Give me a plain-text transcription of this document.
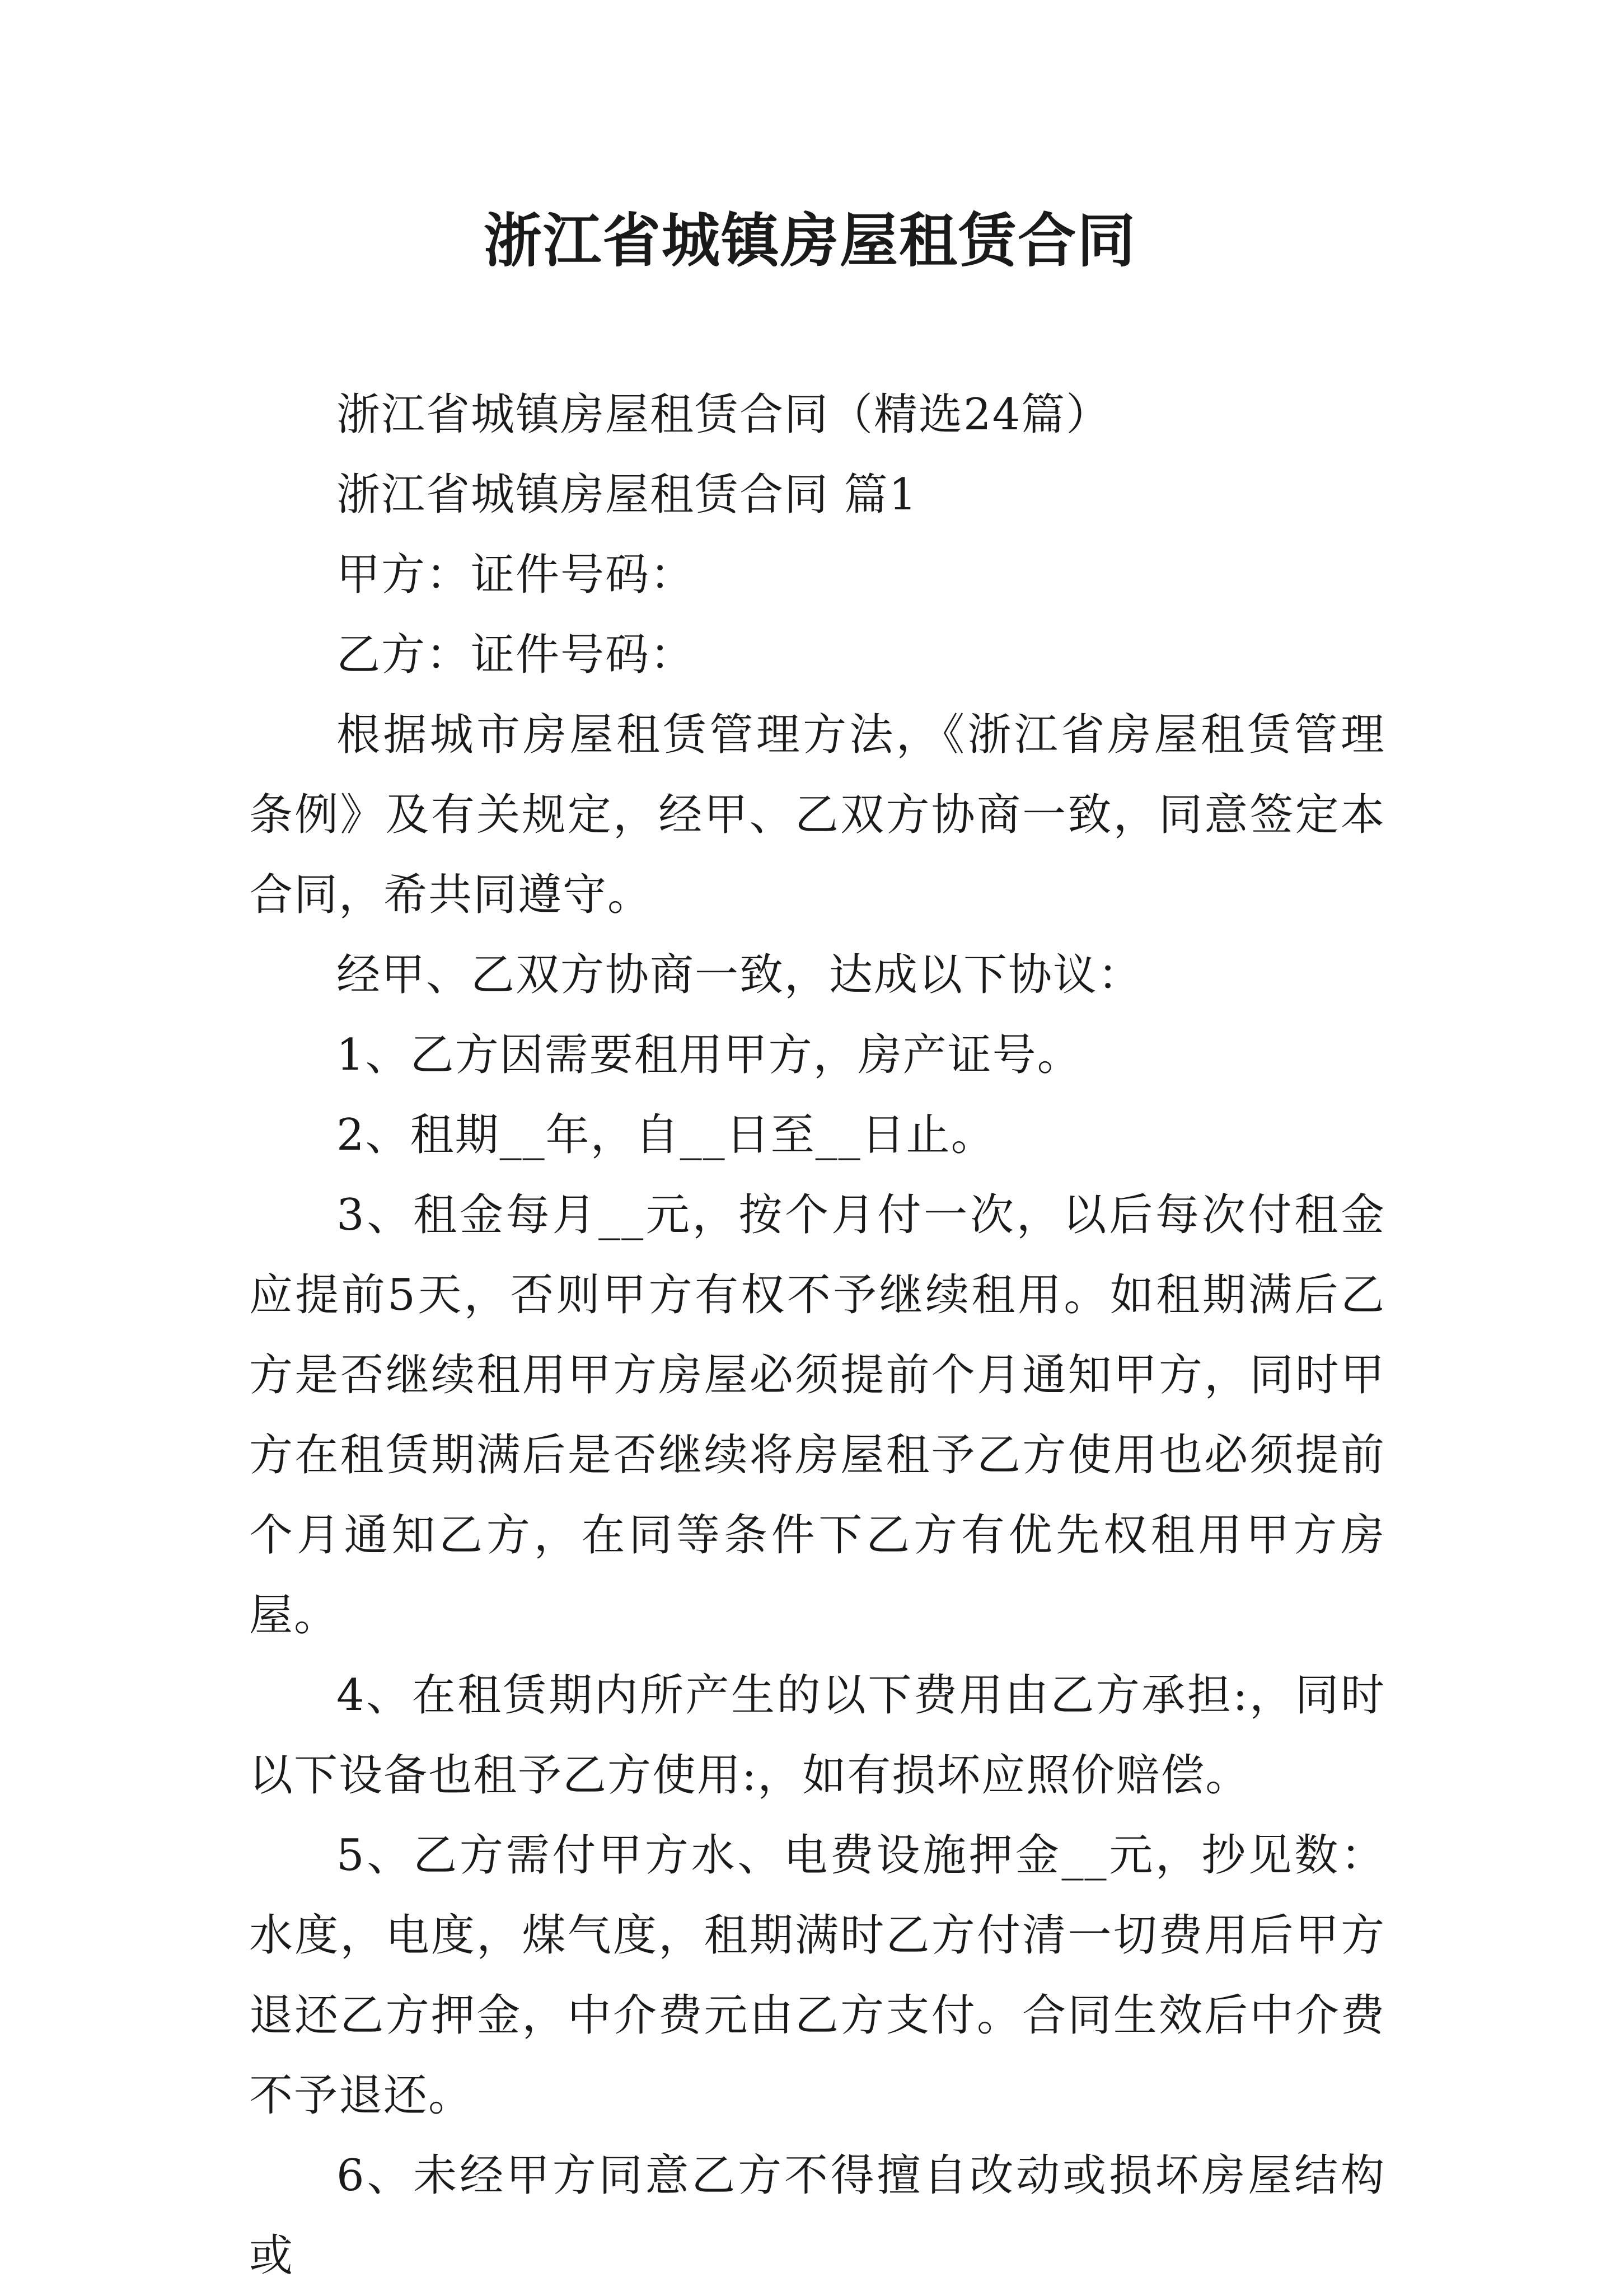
浙江省城镇房屋租赁合同

浙江省城镇房屋租赁合同（精选24篇）

浙江省城镇房屋租赁合同 篇1

甲方：证件号码：

乙方：证件号码：

根据城市房屋租赁管理方法，《浙江省房屋租赁管理条例》及有关规定，经甲、乙双方协商一致，同意签定本合同，希共同遵守。

经甲、乙双方协商一致，达成以下协议：

1、乙方因需要租用甲方，房产证号。

2、租期__年，自__日至__日止。

3、租金每月__元，按个月付一次，以后每次付租金应提前5天，否则甲方有权不予继续租用。如租期满后乙方是否继续租用甲方房屋必须提前个月通知甲方，同时甲方在租赁期满后是否继续将房屋租予乙方使用也必须提前个月通知乙方，在同等条件下乙方有优先权租用甲方房屋。

4、在租赁期内所产生的以下费用由乙方承担:，同时以下设备也租予乙方使用:，如有损坏应照价赔偿。

5、乙方需付甲方水、电费设施押金__元，抄见数：水度，电度，煤气度，租期满时乙方付清一切费用后甲方退还乙方押金，中介费元由乙方支付。合同生效后中介费不予退还。

6、未经甲方同意乙方不得擅自改动或损坏房屋结构或
